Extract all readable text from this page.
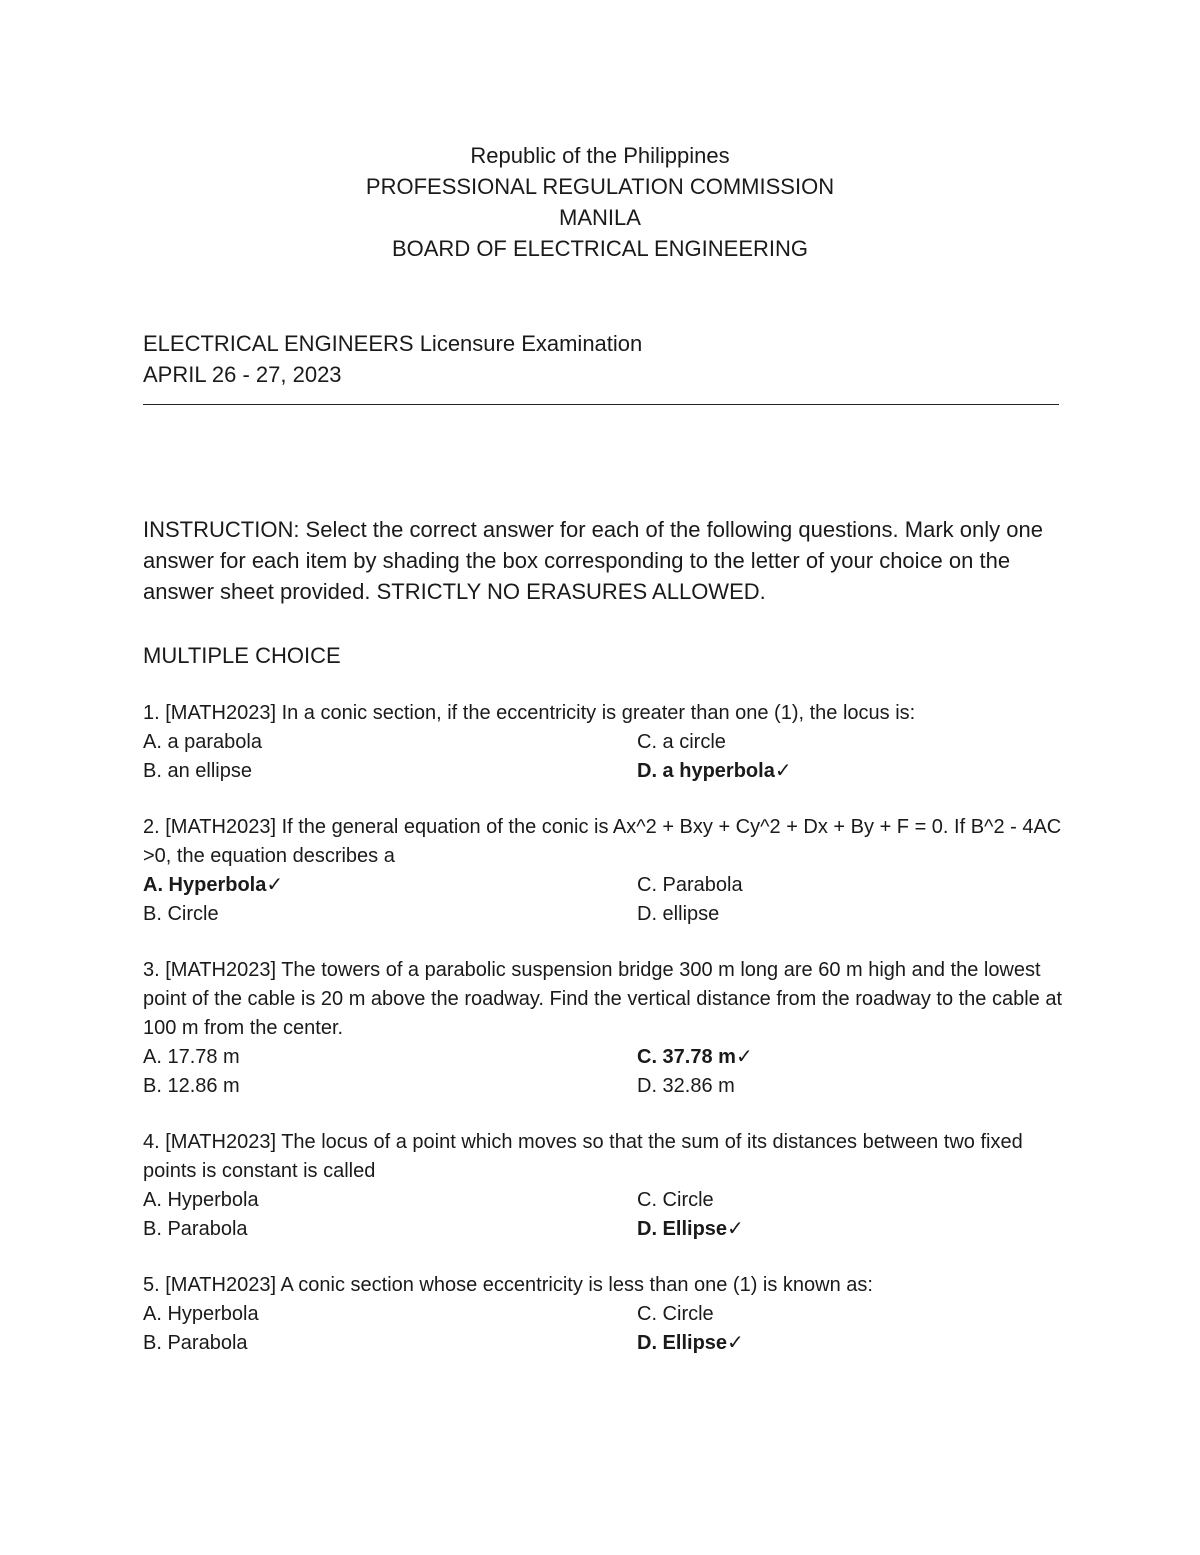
Republic of the Philippines
PROFESSIONAL REGULATION COMMISSION
MANILA
BOARD OF ELECTRICAL ENGINEERING
ELECTRICAL ENGINEERS Licensure Examination
APRIL 26 - 27, 2023
INSTRUCTION: Select the correct answer for each of the following questions. Mark only one answer for each item by shading the box corresponding to the letter of your choice on the answer sheet provided. STRICTLY NO ERASURES ALLOWED.
MULTIPLE CHOICE
1. [MATH2023] In a conic section, if the eccentricity is greater than one (1), the locus is:
A. a parabola
B. an ellipse
C. a circle
D. a hyperbola✓
2. [MATH2023] If the general equation of the conic is Ax^2 + Bxy + Cy^2 + Dx + By + F = 0. If B^2 - 4AC >0, the equation describes a
A. Hyperbola✓
B. Circle
C. Parabola
D. ellipse
3. [MATH2023] The towers of a parabolic suspension bridge 300 m long are 60 m high and the lowest point of the cable is 20 m above the roadway. Find the vertical distance from the roadway to the cable at 100 m from the center.
A. 17.78 m
B. 12.86 m
C. 37.78 m✓
D. 32.86 m
4. [MATH2023] The locus of a point which moves so that the sum of its distances between two fixed points is constant is called
A. Hyperbola
B. Parabola
C. Circle
D. Ellipse✓
5. [MATH2023] A conic section whose eccentricity is less than one (1) is known as:
A. Hyperbola
B. Parabola
C. Circle
D. Ellipse✓
